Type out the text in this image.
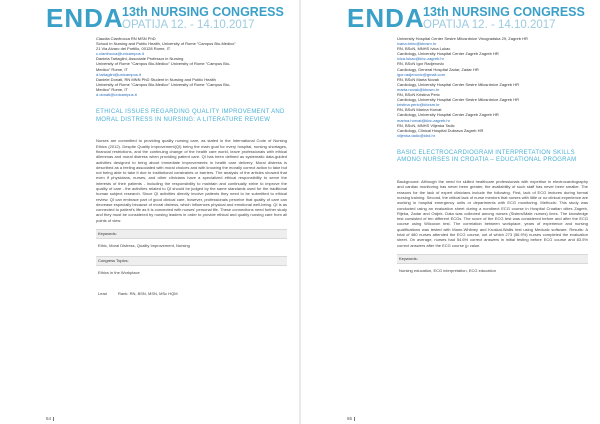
ENDA
13th NURSING CONGRESS
OPATIJA 12. - 14.10.2017
Claudia Cianfrocca RN MSN PhD
School in Nursing and Public Health, University of Rome "Campus Bio-Medico"
21 Via Alvaro del Portillo, 00128 Rome, IT
c.cianfrocca@unicampus.it
Daniela Tartaglini, Associate Professor in Nursing
University of Rome "Campus Bio-Medico" University of Rome "Campus Bio-
Medico" Rome, IT
d.tartaglini@unicampus.it
Daniele Donati, RN MNN PhD Student in Nursing and Public Health
University of Rome "Campus Bio-Medico" University of Rome "Campus Bio-
Medico" Rome, IT
d.donati@unicampus.it
ETHICAL ISSUES REGARDING QUALITY IMPROVEMENT AND MORAL DISTRESS IN NURSING: A LITERATURE REVIEW

Nurses are committed to providing quality nursing care, as stated in the International Code of Nursing Ethics (2012). Despite Quality Improvement(QI) being the main goal for every hospital, nursing shortages, financial restrictions, and the continuing change of the health care world, leave professionals with ethical dilemmas and moral distress when providing patient care. QI has been defined as systematic data-guided activities designed to bring about immediate improvements in health care delivery. Moral distress is described as a feeling associated with moral choices and with knowing the morally correct action to take but not being able to take it due to institutional constraints or barriers. The analysis of the articles showed that even if physicians, nurses, and other clinicians have a specialized ethical responsibility to serve the interests of their patients - including the responsibility to maintain and continually strive to improve the quality of care - the activities related to QI should be judged by the same standards used for the traditional human subject research. Since QI activities directly involve patients they need to be submitted to ethical review. QI can embrace part of good clinical care, however, professionals perceive that quality of care can decrease especially because of moral distress, which influences physical and emotional well-being. QI is as connected to patient's life as it is connected with nurses' personal life. These connections need further study and they must be considered by nursing leaders in order to provide ethical and quality nursing care from all points of view.

Keywords:
Ethic, Moral Distress, Quality Improvement, Nursing
Congress Topics:
Ethics in the Workplace
Lead	Rank: RN, BSN, MSN, MSc HQM
64
ENDA
13th NURSING CONGRESS
OPATIJA 12. - 14.10.2017
University Hospital Center Sestre Milosrdnice Vinogradska 29, Zagreb HR
ivana.brkic@kbcsm.hr
RN, BScN, MNHS Ivica Lukac
Cardiology, University Hospital Center Zagreb Zagreb HR
ivica.lukac@kbc-zagreb.hr
RN, BScN Igor Radjenovic
Cardiology, General Hospital Zadar, Zadar HR
igor.radjenovic@gmail.com
RN, BScN Marta Novak
Cardiology, University Hospital Center Sestre Milosrdnice Zagreb HR
marta.novak@kbcsm.hr
RN, BScN Kristina Peric
Cardiology, University Hospital Center Sestre Milosrdnice Zagreb HR
kristina.peric@kbcsm.hr
RN, BScN Marina Horvat
Cardiology, University Hospital Center Zagreb Zagreb HR
marina.horvat@kbc-zagreb.hr
RN, BScN, MNHS Viljenka Tadic
Cardiology, Clinical Hospital Dubrava Zagreb HR
viljenka.tadic@kbd.hr
BASIC ELECTROCARDIOGRAM INTERPRETATION SKILLS AMONG NURSES IN CROATIA – EDUCATIONAL PROGRAM

Background: Although the need for skilled healthcare professionals with expertise in electrocardiography and cardiac monitoring has never been greater, the availability of such staff has never been smaller. The reasons for the lack of expert clinicians include the following. First, lack of ECG lectures during formal nursing training. Second, the critical lack of nurse mentors that nurses with little or no clinical experience are working in hospital emergency units or departments with ECG monitoring. Methods: This study was conducted using an evaluation sheet during a nondirect ECG course in Hospital Croatian cities Zagreb, Rijeka, Zadar and Osijek. Data was collected among nurses (Sisters/Male nurses) lines. The knowledge test consisted of ten different ECGs. The score of the ECG test was considered before and after the ECG course using Wilcoxon test. The correlation between workplace, years of experience and nursing qualifications was tested with Mann-Whitney and Kruskal-Wallis test using Medcalc software. Results: A total of 480 nurses attended the ECG course, out of which 273 (56.9%) nurses completed the evaluation sheet. On average, nurses had 54.6% correct answers in initial testing before ECG course and 83.5% correct answers after the ECG course (p value.

Keywords:
Nursing education, ECG interpretation, ECG education
65
